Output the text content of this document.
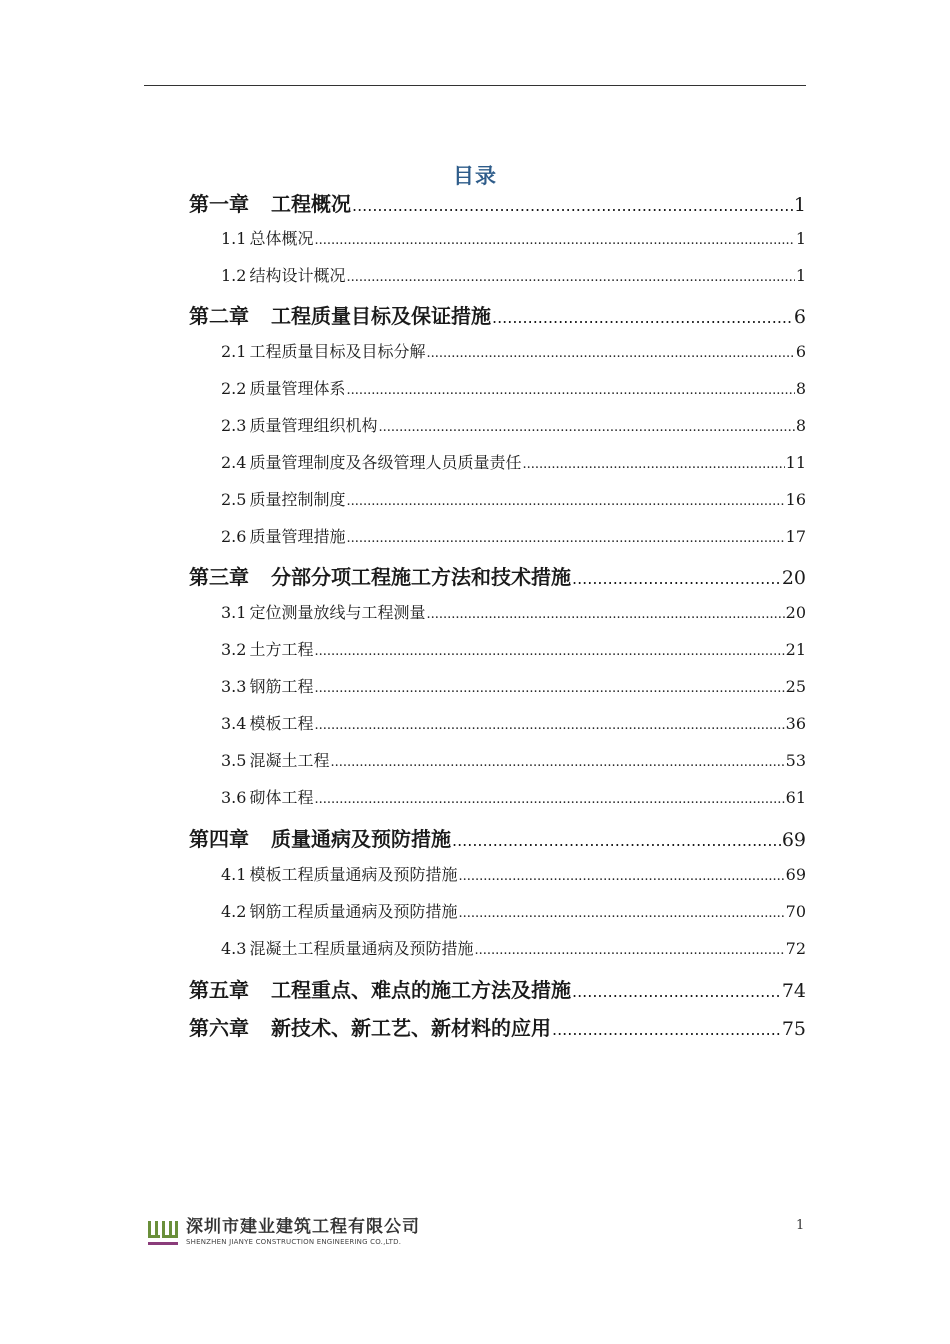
目录
第一章 工程概况 .....	1
1.1 总体概况 .....	1
1.2 结构设计概况 .....	1
第二章 工程质量目标及保证措施 .....	6
2.1 工程质量目标及目标分解 .....	6
2.2 质量管理体系 .....	8
2.3 质量管理组织机构 .....	8
2.4 质量管理制度及各级管理人员质量责任 .....	11
2.5 质量控制制度 .....	16
2.6 质量管理措施 .....	17
第三章 分部分项工程施工方法和技术措施 .....	20
3.1 定位测量放线与工程测量 .....	20
3.2 土方工程 .....	21
3.3 钢筋工程 .....	25
3.4 模板工程 .....	36
3.5 混凝土工程 .....	53
3.6 砌体工程 .....	61
第四章 质量通病及预防措施 .....	69
4.1 模板工程质量通病及预防措施 .....	69
4.2 钢筋工程质量通病及预防措施 .....	70
4.3 混凝土工程质量通病及预防措施 .....	72
第五章 工程重点、难点的施工方法及措施 .....	74
第六章 新技术、新工艺、新材料的应用 .....	75
深圳市建业建筑工程有限公司
SHENZHEN JIANYE CONSTRUCTION ENGINEERING CO.,LTD.
1
